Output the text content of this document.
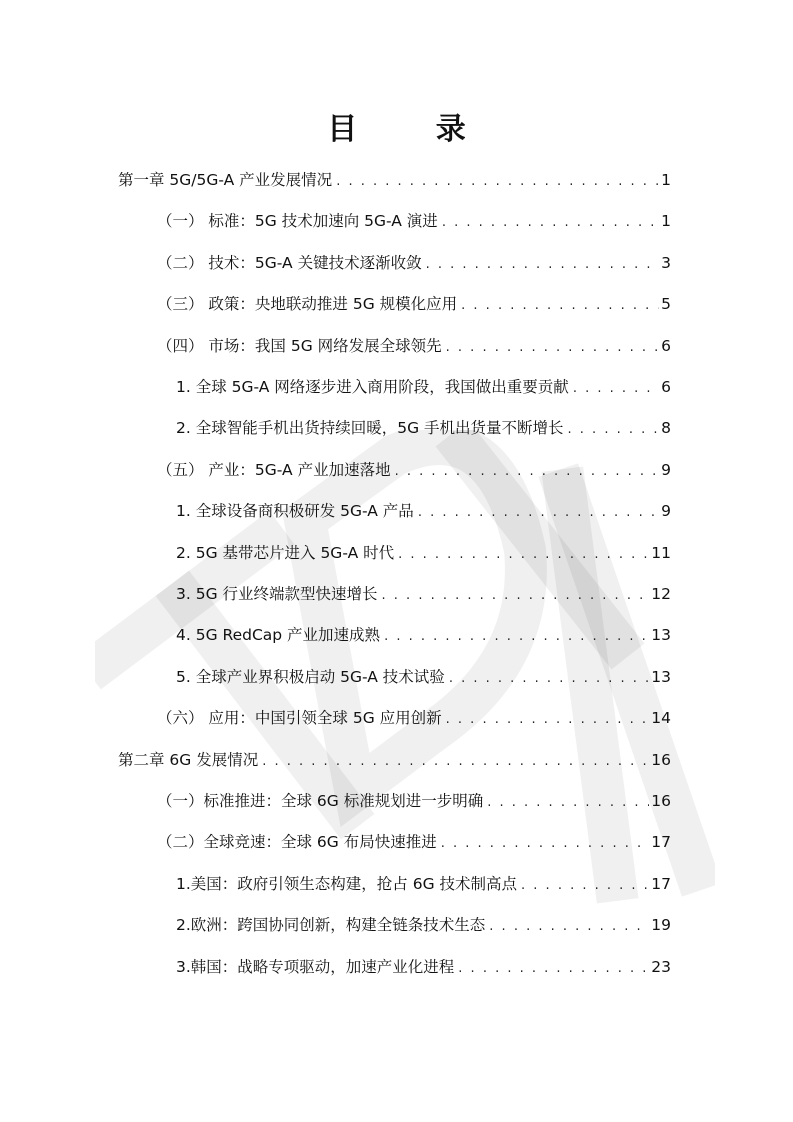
目 录
第一章 5G/5G-A 产业发展情况 . . .	1
（一） 标准：5G 技术加速向 5G-A 演进 . . .	1
（二） 技术：5G-A 关键技术逐渐收敛 . . .	3
（三） 政策：央地联动推进 5G 规模化应用 . . .	5
（四） 市场：我国 5G 网络发展全球领先 . . .	6
1. 全球 5G-A 网络逐步进入商用阶段，我国做出重要贡献 . . .	6
2. 全球智能手机出货持续回暖，5G 手机出货量不断增长 . . .	8
（五） 产业：5G-A 产业加速落地 . . .	9
1. 全球设备商积极研发 5G-A 产品 . . .	9
2. 5G 基带芯片进入 5G-A 时代 . . .	11
3. 5G 行业终端款型快速增长 . . .	12
4. 5G RedCap 产业加速成熟 . . .	13
5. 全球产业界积极启动 5G-A 技术试验 . . .	13
（六） 应用：中国引领全球 5G 应用创新 . . .	14
第二章 6G 发展情况 . . .	16
（一）标准推进：全球 6G 标准规划进一步明确 . . .	16
（二）全球竞速：全球 6G 布局快速推进 . . .	17
1.美国：政府引领生态构建，抢占 6G 技术制高点 . . .	17
2.欧洲：跨国协同创新，构建全链条技术生态 . . .	19
3.韩国：战略专项驱动，加速产业化进程 . . .	23
